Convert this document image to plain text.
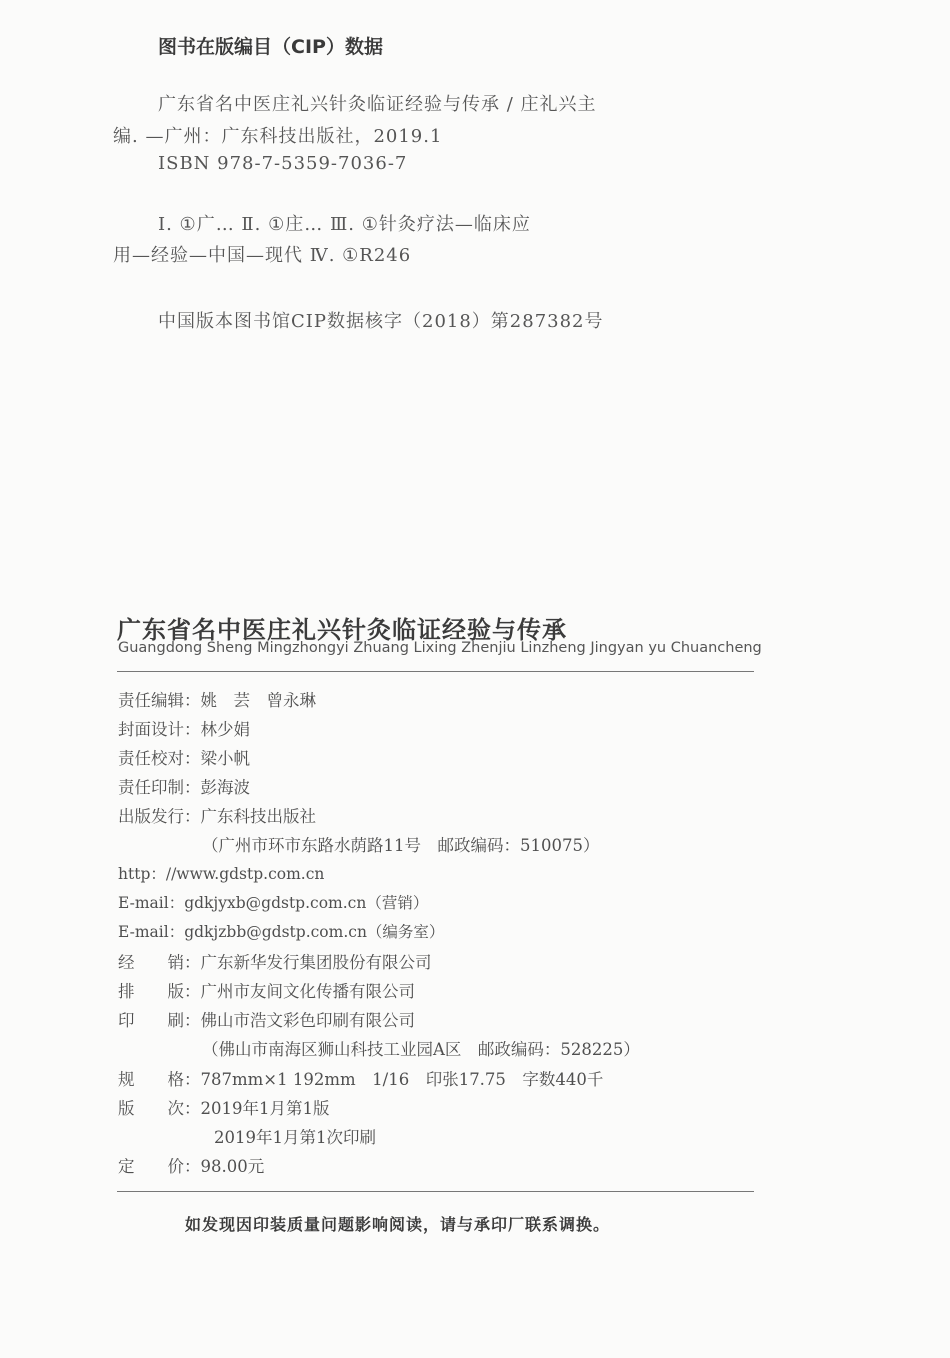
图书在版编目（CIP）数据
广东省名中医庄礼兴针灸临证经验与传承 / 庄礼兴主
编. —广州：广东科技出版社，2019.1
ISBN 978-7-5359-7036-7
Ⅰ. ①广… Ⅱ. ①庄… Ⅲ. ①针灸疗法—临床应
用—经验—中国—现代 Ⅳ. ①R246
中国版本图书馆CIP数据核字（2018）第287382号
广东省名中医庄礼兴针灸临证经验与传承
Guangdong Sheng Mingzhongyi Zhuang Lixing Zhenjiu Linzheng Jingyan yu Chuancheng
责任编辑：姚　芸　曾永琳
封面设计：林少娟
责任校对：梁小帆
责任印制：彭海波
出版发行：广东科技出版社
（广州市环市东路水荫路11号　邮政编码：510075）
http：//www.gdstp.com.cn
E-mail：gdkjyxb@gdstp.com.cn（营销）
E-mail：gdkjzbb@gdstp.com.cn（编务室）
经　　销：广东新华发行集团股份有限公司
排　　版：广州市友间文化传播有限公司
印　　刷：佛山市浩文彩色印刷有限公司
（佛山市南海区狮山科技工业园A区　邮政编码：528225）
规　　格：787mm×1 192mm　1/16　印张17.75　字数440千
版　　次：2019年1月第1版
2019年1月第1次印刷
定　　价：98.00元
如发现因印装质量问题影响阅读，请与承印厂联系调换。
